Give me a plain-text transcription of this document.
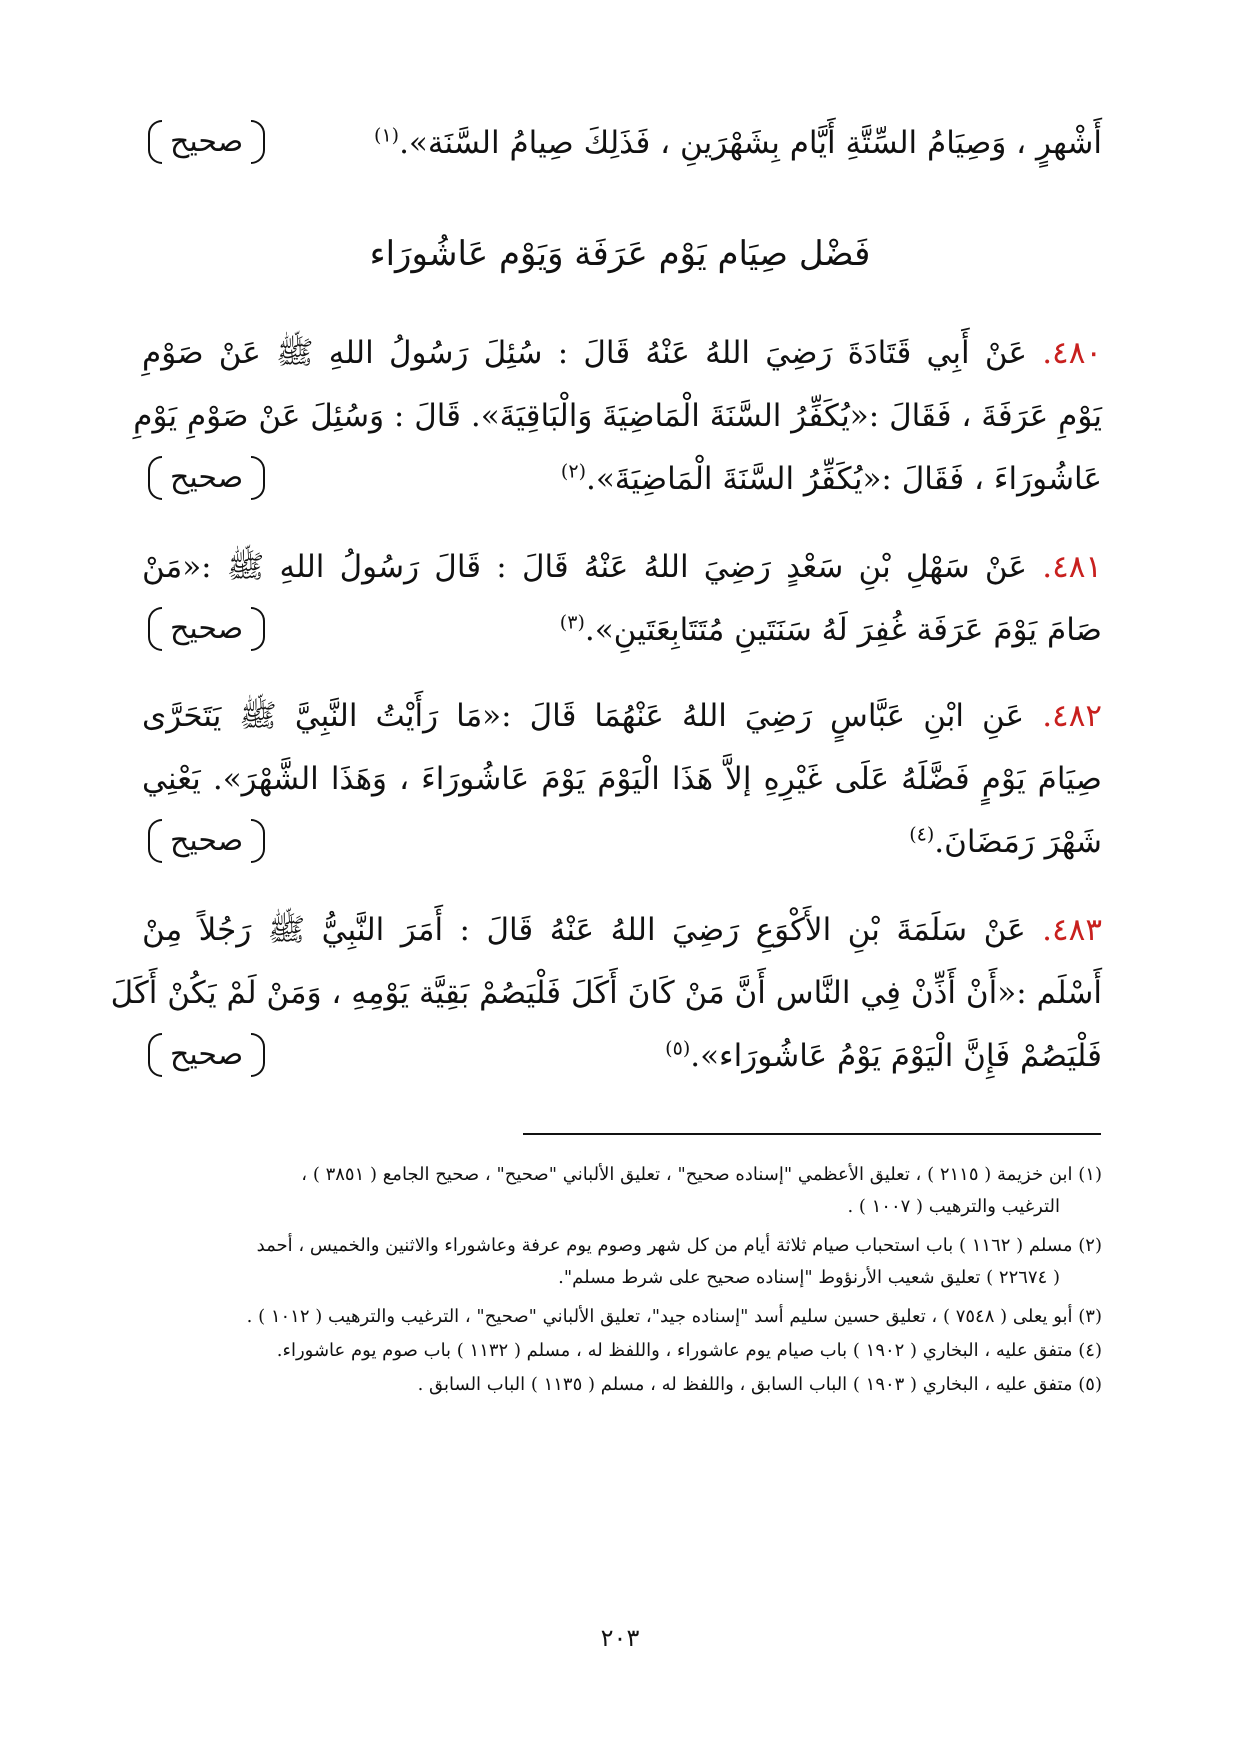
أَشْهرٍ ، وَصِيَامُ السِّتَّةِ أَيَّام بِشَهْرَينِ ، فَذَلِكَ صِيامُ السَّنَة».$^{(١)}$
صحيح
فَضْل صِيَام يَوْم عَرَفَة وَيَوْم عَاشُورَاء
٤٨٠. عَنْ أَبِي قَتَادَةَ رَضِيَ اللهُ عَنْهُ قَالَ : سُئِلَ رَسُولُ اللهِ ﷺ عَنْ صَوْمِ
يَوْمِ عَرَفَةَ ، فَقَالَ :«يُكَفِّرُ السَّنَةَ الْمَاضِيَةَ وَالْبَاقِيَةَ». قَالَ : وَسُئِلَ عَنْ صَوْمِ يَوْمِ
عَاشُورَاءَ ، فَقَالَ :«يُكَفِّرُ السَّنَةَ الْمَاضِيَةَ».$^{(٢)}$
صحيح
٤٨١. عَنْ سَهْلِ بْنِ سَعْدٍ رَضِيَ اللهُ عَنْهُ قَالَ : قَالَ رَسُولُ اللهِ ﷺ :«مَنْ
صَامَ يَوْمَ عَرَفَة غُفِرَ لَهُ سَنَتَينِ مُتَتَابِعَتَينِ».$^{(٣)}$
صحيح
٤٨٢. عَنِ ابْنِ عَبَّاسٍ رَضِيَ اللهُ عَنْهُمَا قَالَ :«مَا رَأَيْتُ النَّبِيَّ ﷺ يَتَحَرَّى
صِيَامَ يَوْمٍ فَضَّلَهُ عَلَى غَيْرِهِ إلاَّ هَذَا الْيَوْمَ يَوْمَ عَاشُورَاءَ ، وَهَذَا الشَّهْرَ». يَعْنِي
شَهْرَ رَمَضَانَ.$^{(٤)}$
صحيح
٤٨٣. عَنْ سَلَمَةَ بْنِ الأَكْوَعِ رَضِيَ اللهُ عَنْهُ قَالَ : أَمَرَ النَّبِيُّ ﷺ رَجُلاً مِنْ
أَسْلَم :«أَنْ أَذِّنْ فِي النَّاس أَنَّ مَنْ كَانَ أَكَلَ فَلْيَصُمْ بَقِيَّة يَوْمِهِ ، وَمَنْ لَمْ يَكُنْ أَكَلَ
فَلْيَصُمْ فَإِنَّ الْيَوْمَ يَوْمُ عَاشُورَاء».$^{(٥)}$
صحيح
(١) ابن خزيمة ( ٢١١٥ ) ، تعليق الأعظمي "إسناده صحيح" ، تعليق الألباني "صحيح" ، صحيح الجامع ( ٣٨٥١ ) ،
الترغيب والترهيب ( ١٠٠٧ ) .
(٢) مسلم ( ١١٦٢ ) باب استحباب صيام ثلاثة أيام من كل شهر وصوم يوم عرفة وعاشوراء والاثنين والخميس ، أحمد
( ٢٢٦٧٤ ) تعليق شعيب الأرنؤوط "إسناده صحيح على شرط مسلم".
(٣) أبو يعلى ( ٧٥٤٨ ) ، تعليق حسين سليم أسد "إسناده جيد"، تعليق الألباني "صحيح" ، الترغيب والترهيب ( ١٠١٢ ) .
(٤) متفق عليه ، البخاري ( ١٩٠٢ ) باب صيام يوم عاشوراء ، واللفظ له ، مسلم ( ١١٣٢ ) باب صوم يوم عاشوراء.
(٥) متفق عليه ، البخاري ( ١٩٠٣ ) الباب السابق ، واللفظ له ، مسلم ( ١١٣٥ ) الباب السابق .
٢٠٣
